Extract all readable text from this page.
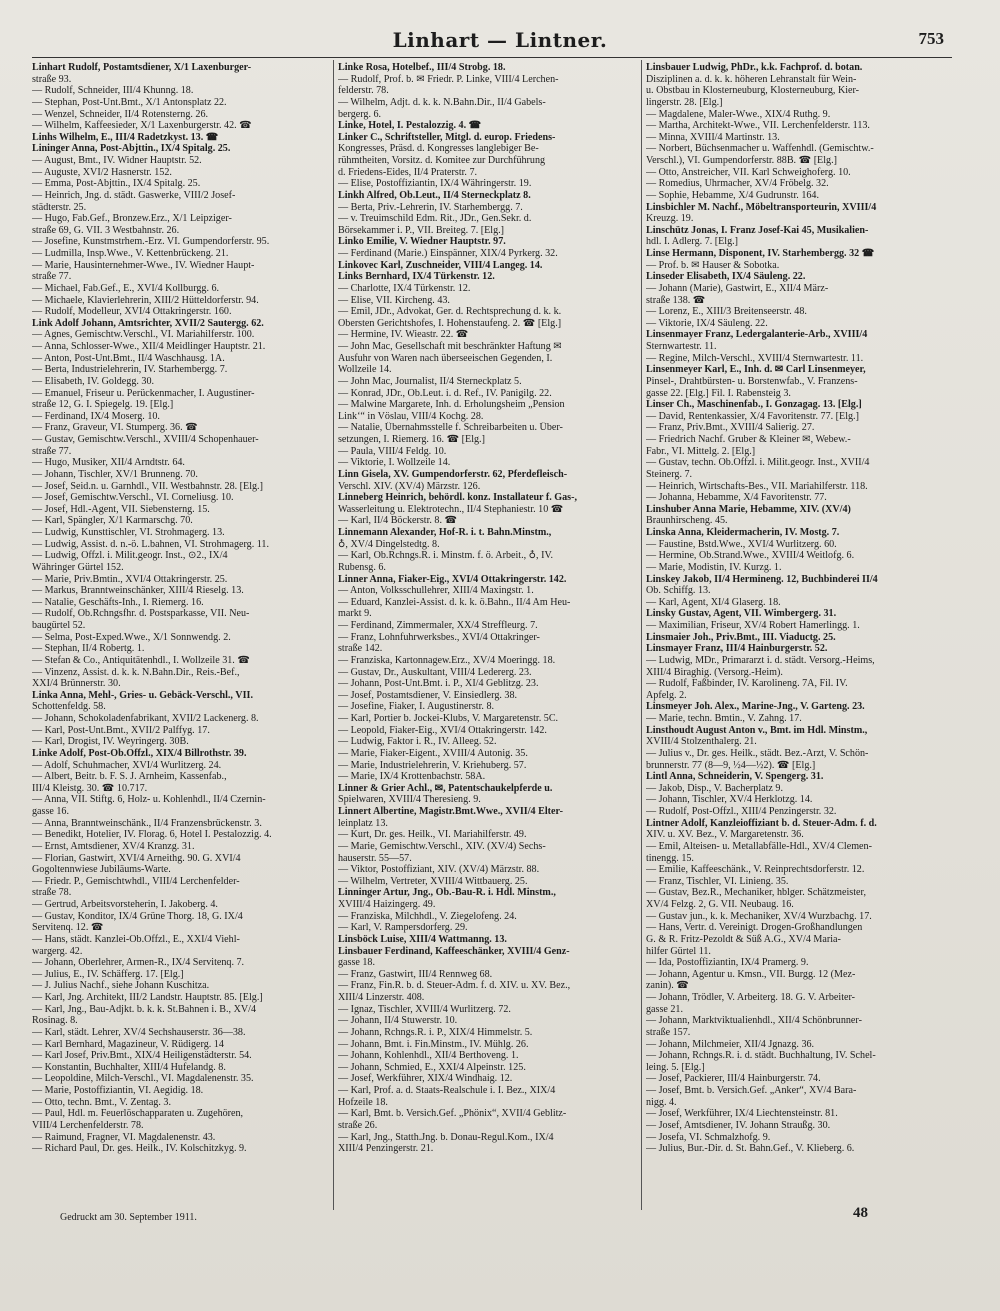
Linhart — Lintner.	753
Linhart Rudolf, Postamtsdiener, X/1 Laxenburger-
straße 93.
— Rudolf, Schneider, III/4 Khunng. 18.
— Stephan, Post-Unt.Bmt., X/1 Antonsplatz 22.
— Wenzel, Schneider, II/4 Rotensterng. 26.
— Wilhelm, Kaffeesieder, X/1 Laxenburgerstr. 42. ☎
Linhs Wilhelm, E., III/4 Radetzkyst. 13. ☎
Lininger Anna, Post-Abjttin., IX/4 Spitalg. 25.
— August, Bmt., IV. Widner Hauptstr. 52.
— Auguste, XVI/2 Hasnerstr. 152.
— Emma, Post-Abjttin., IX/4 Spitalg. 25.
— Heinrich, Jng. d. städt. Gaswerke, VIII/2 Josef-
städterstr. 25.
— Hugo, Fab.Gef., Bronzew.Erz., X/1 Leipziger-
straße 69, G. VII. 3 Westbahnstr. 26.
— Josefine, Kunstmstrhem.-Erz. VI. Gumpendorferstr. 95.
— Ludmilla, Insp.Wwe., V. Kettenbrückeng. 21.
— Marie, Hausinternehmer-Wwe., IV. Wiedner Haupt-
straße 77.
— Michael, Fab.Gef., E., XVI/4 Kollburgg. 6.
— Michaele, Klavierlehrerin, XIII/2 Hütteldorferstr. 94.
— Rudolf, Modelleur, XVI/4 Ottakringerstr. 160.
Link Adolf Johann, Amtsrichter, XVII/2 Sautergg. 62.
— Agnes, Gemischtw.Verschl., VI. Mariahilferstr. 100.
— Anna, Schlosser-Wwe., XII/4 Meidlinger Hauptstr. 21.
— Anton, Post-Unt.Bmt., II/4 Waschhausg. 1A.
— Berta, Industrielehrerin, IV. Starhembergg. 7.
— Elisabeth, IV. Goldegg. 30.
— Emanuel, Friseur u. Perückenmacher, I. Augustiner-
straße 12, G. I. Spiegelg. 19. [Elg.]
— Ferdinand, IX/4 Moserg. 10.
— Franz, Graveur, VI. Stumperg. 36. ☎
— Gustav, Gemischtw.Verschl., XVIII/4 Schopenhauer-
straße 77.
— Hugo, Musiker, XII/4 Arndtstr. 64.
— Johann, Tischler, XV/1 Brunneng. 70.
— Josef, Seid.n. u. Garnhdl., VII. Westbahnstr. 28. [Elg.]
— Josef, Gemischtw.Verschl., VI. Corneliusg. 10.
— Josef, Hdl.-Agent, VII. Siebensterng. 15.
— Karl, Spängler, X/1 Karmarschg. 70.
— Ludwig, Kunsttischler, VI. Strohmagerg. 13.
— Ludwig, Assist. d. n.-ö. L.bahnen, VI. Strohmagerg. 11.
— Ludwig, Offzl. i. Milit.geogr. Inst., ⊙2., IX/4
Währinger Gürtel 152.
— Marie, Priv.Bmtin., XVI/4 Ottakringerstr. 25.
— Markus, Branntweinschänker, XIII/4 Rieselg. 13.
— Natalie, Geschäfts-Inh., I. Riemerg. 16.
— Rudolf, Ob.Rchngsfhr. d. Postsparkasse, VII. Neu-
baugürtel 52.
— Selma, Post-Exped.Wwe., X/1 Sonnwendg. 2.
— Stephan, II/4 Robertg. 1.
— Stefan & Co., Antiquitätenhdl., I. Wollzeile 31. ☎
— Vinzenz, Assist. d. k. k. N.Bahn.Dir., Reis.-Bef.,
XXI/4 Brünnerstr. 30.
Linka Anna, Mehl-, Gries- u. Gebäck-Verschl., VII.
Schottenfeldg. 58.
— Johann, Schokoladenfabrikant, XVII/2 Lackenerg. 8.
— Karl, Post-Unt.Bmt., XVII/2 Palffyg. 17.
— Karl, Drogist, IV. Weyringerg. 30B.
Linke Adolf, Post-Ob.Offzl., XIX/4 Billrothstr. 39.
— Adolf, Schuhmacher, XVI/4 Wurlitzerg. 24.
— Albert, Beitr. b. F. S. J. Arnheim, Kassenfab.,
III/4 Kleistg. 30. ☎ 10.717.
— Anna, VII. Stiftg. 6, Holz- u. Kohlenhdl., II/4 Czernin-
gasse 16.
— Anna, Branntweinschänk., II/4 Franzensbrückenstr. 3.
— Benedikt, Hotelier, IV. Florag. 6, Hotel I. Pestalozzig. 4.
— Ernst, Amtsdiener, XV/4 Kranzg. 31.
— Florian, Gastwirt, XVI/4 Arneithg. 90. G. XVI/4
Gogoltennwiese Jubiläums-Warte.
— Friedr. P., Gemischtwhdl., VIII/4 Lerchenfelder-
straße 78.
— Gertrud, Arbeitsvorsteherin, I. Jakoberg. 4.
— Gustav, Konditor, IX/4 Grüne Thorg. 18, G. IX/4
Servitenq. 12. ☎
— Hans, städt. Kanzlei-Ob.Offzl., E., XXI/4 Viehl-
wargerg. 42.
— Johann, Oberlehrer, Armen-R., IX/4 Servitenq. 7.
— Julius, E., IV. Schäfferg. 17. [Elg.]
— J. Julius Nachf., siehe Johann Kuschitza.
— Karl, Jng. Architekt, III/2 Landstr. Hauptstr. 85. [Elg.]
— Karl, Jng., Bau-Adjkt. b. k. k. St.Bahnen i. B., XV/4
Rosinag. 8.
— Karl, städt. Lehrer, XV/4 Sechshauserstr. 36—38.
— Karl Bernhard, Magazineur, V. Rüdigerg. 14
— Karl Josef, Priv.Bmt., XIX/4 Heiligenstädterstr. 54.
— Konstantin, Buchhalter, XIII/4 Hufelandg. 8.
— Leopoldine, Milch-Verschl., VI. Magdalenenstr. 35.
— Marie, Postoffiziantin, VI. Aegidig. 18.
— Otto, techn. Bmt., V. Zentag. 3.
— Paul, Hdl. m. Feuerlöschapparaten u. Zugehören,
VIII/4 Lerchenfelderstr. 78.
— Raimund, Fragner, VI. Magdalenenstr. 43.
— Richard Paul, Dr. ges. Heilk., IV. Kolschitzkyg. 9.
Linke Rosa, Hotelbef., III/4 Strobg. 18.
— Rudolf, Prof. b. ✉ Friedr. P. Linke, VIII/4 Lerchen-
felderstr. 78.
— Wilhelm, Adjt. d. k. k. N.Bahn.Dir., II/4 Gabels-
bergerg. 6.
Linke, Hotel, I. Pestalozzig. 4. ☎
Linker C., Schriftsteller, Mitgl. d. europ. Friedens-
Kongresses, Präsd. d. Kongresses langlebiger Be-
rühmtheiten, Vorsitz. d. Komitee zur Durchführung
d. Friedens-Eides, II/4 Praterstr. 7.
— Elise, Postoffiziantin, IX/4 Währingerstr. 19.
Linkh Alfred, Ob.Leut., II/4 Sterneckplatz 8.
— Berta, Priv.-Lehrerin, IV. Starhembergg. 7.
— v. Treuimschild Edm. Rit., JDr., Gen.Sekr. d.
Börsekammer i. P., VII. Breiteg. 7. [Elg.]
Linko Emilie, V. Wiedner Hauptstr. 97.
— Ferdinand (Marie.) Einspänner, XIX/4 Pyrkerg. 32.
Linkovec Karl, Zuschneider, VIII/4 Langeg. 14.
Links Bernhard, IX/4 Türkenstr. 12.
— Charlotte, IX/4 Türkenstr. 12.
— Elise, VII. Kircheng. 43.
— Emil, JDr., Advokat, Ger. d. Rechtsprechung d. k. k.
Obersten Gerichtshofes, I. Hohenstaufeng. 2. ☎ [Elg.]
— Hermine, IV. Wieastr. 22. ☎
— John Mac, Gesellschaft mit beschränkter Haftung ✉
Ausfuhr von Waren nach überseeischen Gegenden, I.
Wollzeile 14.
— John Mac, Journalist, II/4 Sterneckplatz 5.
— Konrad, JDr., Ob.Leut. i. d. Ref., IV. Panigilg. 22.
— Malwine Margarete, Inh. d. Erholungsheim „Pension
Linkʻ“ in Vöslau, VIII/4 Kochg. 28.
— Natalie, Übernahmsstelle f. Schreibarbeiten u. Über-
setzungen, I. Riemerg. 16. ☎ [Elg.]
— Paula, VIII/4 Feldg. 10.
— Viktorie, I. Wollzeile 14.
Linn Gisela, XV. Gumpendorferstr. 62, Pferdefleisch-
Verschl. XIV. (XV/4) Märzstr. 126.
Linneberg Heinrich, behördl. konz. Installateur f. Gas-,
Wasserleitung u. Elektrotechn., II/4 Stephaniestr. 10 ☎
— Karl, II/4 Böckerstr. 8. ☎
Linnemann Alexander, Hof-R. i. t. Bahn.Minstm.,
♁, XV/4 Dingelstedtg. 8.
— Karl, Ob.Rchngs.R. i. Minstm. f. ö. Arbeit., ♁, IV.
Rubensg. 6.
Linner Anna, Fiaker-Eig., XVI/4 Ottakringerstr. 142.
— Anton, Volksschullehrer, XIII/4 Maxingstr. 1.
— Eduard, Kanzlei-Assist. d. k. k. ö.Bahn., II/4 Am Heu-
markt 9.
— Ferdinand, Zimmermaler, XX/4 Streffleurg. 7.
— Franz, Lohnfuhrwerksbes., XVI/4 Ottakringer-
straße 142.
— Franziska, Kartonnagew.Erz., XV/4 Moeringg. 18.
— Gustav, Dr., Auskultant, VIII/4 Ledererg. 23.
— Johann, Post-Unt.Bmt. i. P., XI/4 Geblitzg. 23.
— Josef, Postamtsdiener, V. Einsiedlerg. 38.
— Josefine, Fiaker, I. Augustinerstr. 8.
— Karl, Portier b. Jockei-Klubs, V. Margaretenstr. 5C.
— Leopold, Fiaker-Eig., XVI/4 Ottakringerstr. 142.
— Ludwig, Faktor i. R., IV. Alleeg. 52.
— Marie, Fiaker-Eigent., XVIII/4 Autonig. 35.
— Marie, Industrielehrerin, V. Kriehuberg. 57.
— Marie, IX/4 Krottenbachstr. 58A.
Linner & Grier Achl., ✉, Patentschaukelpferde u.
Spielwaren, XVIII/4 Theresieng. 9.
Linnert Albertine, Magistr.Bmt.Wwe., XVII/4 Elter-
leinplatz 13.
— Kurt, Dr. ges. Heilk., VI. Mariahilferstr. 49.
— Marie, Gemischtw.Verschl., XIV. (XV/4) Sechs-
hauserstr. 55—57.
— Viktor, Postoffiziant, XIV. (XV/4) Märzstr. 88.
— Wilhelm, Vertreter, XVIII/4 Wittbauerg. 25.
Linninger Artur, Jng., Ob.-Bau-R. i. Hdl. Minstm.,
XVIII/4 Haizingerg. 49.
— Franziska, Milchhdl., V. Ziegelofeng. 24.
— Karl, V. Rampersdorferg. 29.
Linsböck Luise, XIII/4 Wattmanng. 13.
Linsbauer Ferdinand, Kaffeeschänker, XVIII/4 Genz-
gasse 18.
— Franz, Gastwirt, III/4 Rennweg 68.
— Franz, Fin.R. b. d. Steuer-Adm. f. d. XIV. u. XV. Bez.,
XIII/4 Linzerstr. 408.
— Ignaz, Tischler, XVIII/4 Wurlitzerg. 72.
— Johann, II/4 Stuwerstr. 10.
— Johann, Rchngs.R. i. P., XIX/4 Himmelstr. 5.
— Johann, Bmt. i. Fin.Minstm., IV. Mühlg. 26.
— Johann, Kohlenhdl., XII/4 Berthoveng. 1.
— Johann, Schmied, E., XXI/4 Alpeinstr. 125.
— Josef, Werkführer, XIX/4 Windhaig. 12.
— Karl, Prof. a. d. Staats-Realschule i. I. Bez., XIX/4
Hofzeile 18.
— Karl, Bmt. b. Versich.Gef. „Phönix“, XVII/4 Geblitz-
straße 26.
— Karl, Jng., Statth.Jng. b. Donau-Regul.Kom., IX/4
XIII/4 Penzingerstr. 21.
Linsbauer Ludwig, PhDr., k.k. Fachprof. d. botan.
Disziplinen a. d. k. k. höheren Lehranstalt für Wein-
u. Obstbau in Klosterneuburg, Klosterneuburg, Kier-
lingerstr. 28. [Elg.]
— Magdalene, Maler-Wwe., XIX/4 Ruthg. 9.
— Martha, Architekt-Wwe., VII. Lerchenfelderstr. 113.
— Minna, XVIII/4 Martinstr. 13.
— Norbert, Büchsenmacher u. Waffenhdl. (Gemischtw.-
Verschl.), VI. Gumpendorferstr. 88B. ☎ [Elg.]
— Otto, Anstreicher, VII. Karl Schweighoferg. 10.
— Romedius, Uhrmacher, XV/4 Fröbelg. 32.
— Sophie, Hebamme, X/4 Gudrunstr. 164.
Linsbichler M. Nachf., Möbeltransporteurin, XVIII/4
Kreuzg. 19.
Linschütz Jonas, I. Franz Josef-Kai 45, Musikalien-
hdl. I. Adlerg. 7. [Elg.]
Linse Hermann, Disponent, IV. Starhembergg. 32 ☎
— Prof. b. ✉ Hauser & Sobotka.
Linseder Elisabeth, IX/4 Säuleng. 22.
— Johann (Marie), Gastwirt, E., XII/4 März-
straße 138. ☎
— Lorenz, E., XIII/3 Breitenseerstr. 48.
— Viktorie, IX/4 Säuleng. 22.
Linsenmayer Franz, Ledergalanterie-Arb., XVIII/4
Sternwartestr. 11.
— Regine, Milch-Verschl., XVIII/4 Sternwartestr. 11.
Linsenmeyer Karl, E., Inh. d. ✉ Carl Linsenmeyer,
Pinsel-, Drahtbürsten- u. Borstenwfab., V. Franzens-
gasse 22. [Elg.] Fil. I. Rabensteig 3.
Linser Ch., Maschinenfab., I. Gonzagag. 13. [Elg.]
— David, Rentenkassier, X/4 Favoritenstr. 77. [Elg.]
— Franz, Priv.Bmt., XVIII/4 Salierig. 27.
— Friedrich Nachf. Gruber & Kleiner ✉, Webew.-
Fabr., VI. Mittelg. 2. [Elg.]
— Gustav, techn. Ob.Offzl. i. Milit.geogr. Inst., XVII/4
Steinerg. 7.
— Heinrich, Wirtschafts-Bes., VII. Mariahilferstr. 118.
— Johanna, Hebamme, X/4 Favoritenstr. 77.
Linshuber Anna Marie, Hebamme, XIV. (XV/4)
Braunhirscheng. 45.
Linska Anna, Kleidermacherin, IV. Mostg. 7.
— Faustine, Bstd.Wwe., XVI/4 Wurlitzerg. 60.
— Hermine, Ob.Strand.Wwe., XVIII/4 Weitlofg. 6.
— Marie, Modistin, IV. Kurzg. 1.
Linskey Jakob, II/4 Hermineng. 12, Buchbinderei II/4
Ob. Schiffg. 13.
— Karl, Agent, XI/4 Glaserg. 18.
Linsky Gustav, Agent, VII. Wimbergerg. 31.
— Maximilian, Friseur, XV/4 Robert Hamerlingg. 1.
Linsmaier Joh., Priv.Bmt., III. Viaductg. 25.
Linsmayer Franz, III/4 Hainburgerstr. 52.
— Ludwig, MDr., Primararzt i. d. städt. Versorg.-Heims,
XIII/4 Biraghig. (Versorg.-Heim).
— Rudolf, Faßbinder, IV. Karolineng. 7A, Fil. IV.
Apfelg. 2.
Linsmeyer Joh. Alex., Marine-Jng., V. Garteng. 23.
— Marie, techn. Bmtin., V. Zahng. 17.
Linsthoudt August Anton v., Bmt. im Hdl. Minstm.,
XVIII/4 Stolzenthalerg. 21.
— Julius v., Dr. ges. Heilk., städt. Bez.-Arzt, V. Schön-
brunnerstr. 77 (8—9, ½4—½2). ☎ [Elg.]
Lintl Anna, Schneiderin, V. Spengerg. 31.
— Jakob, Disp., V. Bacherplatz 9.
— Johann, Tischler, XV/4 Herklotzg. 14.
— Rudolf, Post-Offzl., XIII/4 Penzingerstr. 32.
Lintner Adolf, Kanzleioffiziant b. d. Steuer-Adm. f. d.
XIV. u. XV. Bez., V. Margaretenstr. 36.
— Emil, Alteisen- u. Metallabfälle-Hdl., XV/4 Clemen-
tinengg. 15.
— Emilie, Kaffeeschänk., V. Reinprechtsdorferstr. 12.
— Franz, Tischler, VI. Linieng. 35.
— Gustav, Bez.R., Mechaniker, hblger. Schätzmeister,
XV/4 Felzg. 2, G. VII. Neubaug. 16.
— Gustav jun., k. k. Mechaniker, XV/4 Wurzbachg. 17.
— Hans, Vertr. d. Vereinigt. Drogen-Großhandlungen
G. & R. Fritz-Pezoldt & Süß A.G., XV/4 Maria-
hilfer Gürtel 11.
— Ida, Postoffiziantin, IX/4 Pramerg. 9.
— Johann, Agentur u. Kmsn., VII. Burgg. 12 (Mez-
zanin). ☎
— Johann, Trödler, V. Arbeiterg. 18. G. V. Arbeiter-
gasse 21.
— Johann, Marktviktualienhdl., XII/4 Schönbrunner-
straße 157.
— Johann, Milchmeier, XII/4 Jgnazg. 36.
— Johann, Rchngs.R. i. d. städt. Buchhaltung, IV. Schel-
leing. 5. [Elg.]
— Josef, Packierer, III/4 Hainburgerstr. 74.
— Josef, Bmt. b. Versich.Gef. „Anker“, XV/4 Bara-
nigg. 4.
— Josef, Werkführer, IX/4 Liechtensteinstr. 81.
— Josef, Amtsdiener, IV. Johann Straußg. 30.
— Josefa, VI. Schmalzhofg. 9.
— Julius, Bur.-Dir. d. St. Bahn.Gef., V. Klieberg. 6.
Gedruckt am 30. September 1911.	48
